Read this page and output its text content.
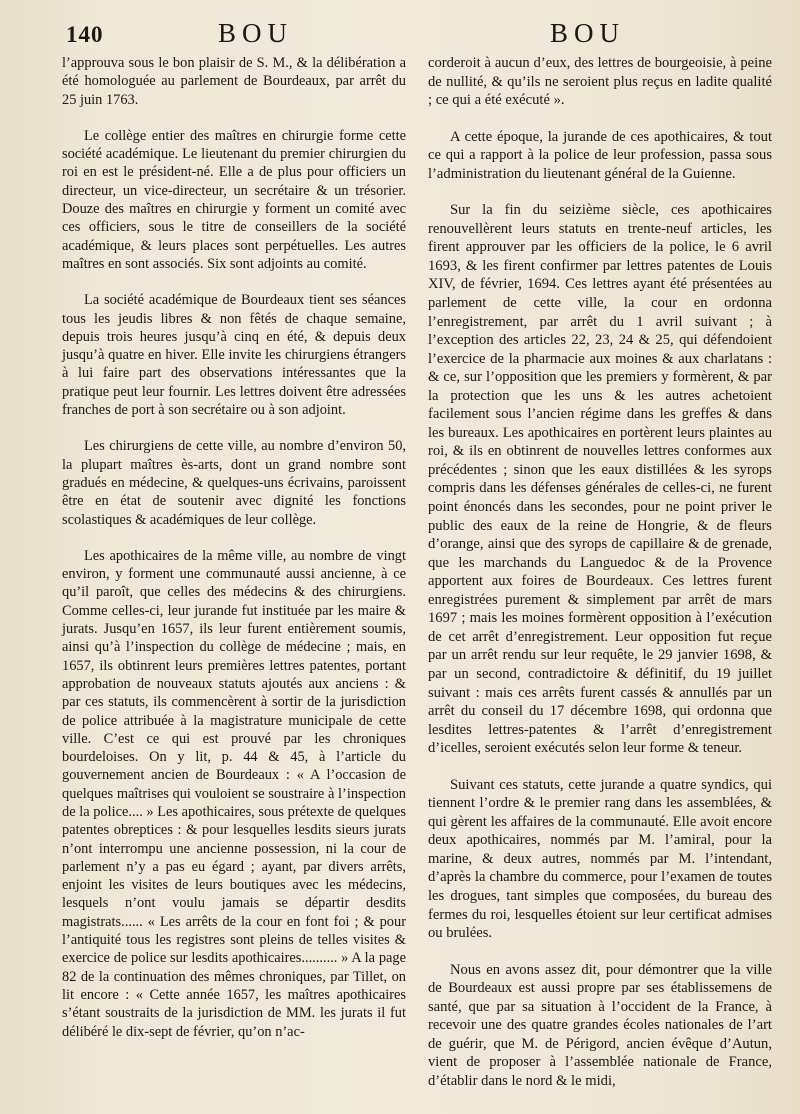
140	BOU	BOU

l’approuva sous le bon plaisir de S. M., & la délibération a été homologuée au parlement de Bourdeaux, par arrêt du 25 juin 1763.

Le collège entier des maîtres en chirurgie forme cette société académique. Le lieutenant du premier chirurgien du roi en est le président-né. Elle a de plus pour officiers un directeur, un vice-directeur, un secrétaire & un trésorier. Douze des maîtres en chirurgie y forment un comité avec ces officiers, sous le titre de conseillers de la société académique, & leurs places sont perpétuelles. Les autres maîtres en sont associés. Six sont adjoints au comité.

La société académique de Bourdeaux tient ses séances tous les jeudis libres & non fêtés de chaque semaine, depuis trois heures jusqu’à cinq en été, & depuis deux jusqu’à quatre en hiver. Elle invite les chirurgiens étrangers à lui faire part des observations intéressantes que la pratique peut leur fournir. Les lettres doivent être adressées franches de port à son secrétaire ou à son adjoint.

Les chirurgiens de cette ville, au nombre d’environ 50, la plupart maîtres ès-arts, dont un grand nombre sont gradués en médecine, & quelques-uns écrivains, paroissent être en état de soutenir avec dignité les fonctions scolastiques & académiques de leur collège.

Les apothicaires de la même ville, au nombre de vingt environ, y forment une communauté aussi ancienne, à ce qu’il paroît, que celles des médecins & des chirurgiens. Comme celles-ci, leur jurande fut instituée par les maire & jurats. Jusqu’en 1657, ils leur furent entièrement soumis, ainsi qu’à l’inspection du collège de médecine ; mais, en 1657, ils obtinrent leurs premières lettres patentes, portant approbation de nouveaux statuts ajoutés aux anciens : & par ces statuts, ils commencèrent à sortir de la jurisdiction de police attribuée à la magistrature municipale de cette ville. C’est ce qui est prouvé par les chroniques bourdeloises. On y lit, p. 44 & 45, à l’article du gouvernement ancien de Bourdeaux : « A l’occasion de quelques maîtrises qui vouloient se soustraire à l’inspection de la police.... » Les apothicaires, sous prétexte de quelques patentes obreptices : & pour lesquelles lesdits sieurs jurats n’ont interrompu une ancienne possession, ni la cour de parlement n’y a pas eu égard ; ayant, par divers arrêts, enjoint les visites de leurs boutiques avec les médecins, lesquels n’ont voulu jamais se départir desdits magistrats...... « Les arrêts de la cour en font foi ; & pour l’antiquité tous les registres sont pleins de telles visites & exercice de police sur lesdits apothicaires.......... » A la page 82 de la continuation des mêmes chroniques, par Tillet, on lit encore : « Cette année 1657, les maîtres apothicaires s’étant soustraits de la jurisdiction de MM. les jurats il fut délibéré le dix-sept de février, qu’on n’ac-

corderoit à aucun d’eux, des lettres de bourgeoisie, à peine de nullité, & qu’ils ne seroient plus reçus en ladite qualité ; ce qui a été exécuté ».

A cette époque, la jurande de ces apothicaires, & tout ce qui a rapport à la police de leur profession, passa sous l’administration du lieutenant général de la Guienne.

Sur la fin du seizième siècle, ces apothicaires renouvellèrent leurs statuts en trente-neuf articles, les firent approuver par les officiers de la police, le 6 avril 1693, & les firent confirmer par lettres patentes de Louis XIV, de février, 1694. Ces lettres ayant été présentées au parlement de cette ville, la cour en ordonna l’enregistrement, par arrêt du 1 avril suivant ; à l’exception des articles 22, 23, 24 & 25, qui défendoient l’exercice de la pharmacie aux moines & aux charlatans : & ce, sur l’opposition que les premiers y formèrent, & par la protection que les uns & les autres achetoient facilement sous l’ancien régime dans les greffes & dans les bureaux. Les apothicaires en portèrent leurs plaintes au roi, & ils en obtinrent de nouvelles lettres conformes aux précédentes ; sinon que les eaux distillées & les syrops compris dans les défenses générales de celles-ci, ne furent point énoncés dans les secondes, pour ne point priver le public des eaux de la reine de Hongrie, & de fleurs d’orange, ainsi que des syrops de capillaire & de grenade, que les marchands du Languedoc & de la Provence apportent aux foires de Bourdeaux. Ces lettres furent enregistrées purement & simplement par arrêt de mars 1697 ; mais les moines formèrent opposition à l’exécution de cet arrêt d’enregistrement. Leur opposition fut reçue par un arrêt rendu sur leur requête, le 29 janvier 1698, & par un second, contradictoire & définitif, du 19 juillet suivant : mais ces arrêts furent cassés & annullés par un arrêt du conseil du 17 décembre 1698, qui ordonna que lesdites lettres-patentes & l’arrêt d’enregistrement d’icelles, seroient exécutés selon leur forme & teneur.

Suivant ces statuts, cette jurande a quatre syndics, qui tiennent l’ordre & le premier rang dans les assemblées, & qui gèrent les affaires de la communauté. Elle avoit encore deux apothicaires, nommés par M. l’amiral, pour la marine, & deux autres, nommés par M. l’intendant, d’après la chambre du commerce, pour l’examen de toutes les drogues, tant simples que composées, du bureau des fermes du roi, lesquelles étoient sur leur certificat admises ou brulées.

Nous en avons assez dit, pour démontrer que la ville de Bourdeaux est aussi propre par ses établissemens de santé, que par sa situation à l’occident de la France, à recevoir une des quatre grandes écoles nationales de l’art de guérir, que M. de Périgord, ancien évêque d’Autun, vient de proposer à l’assemblée nationale de France, d’établir dans le nord & le midi,
